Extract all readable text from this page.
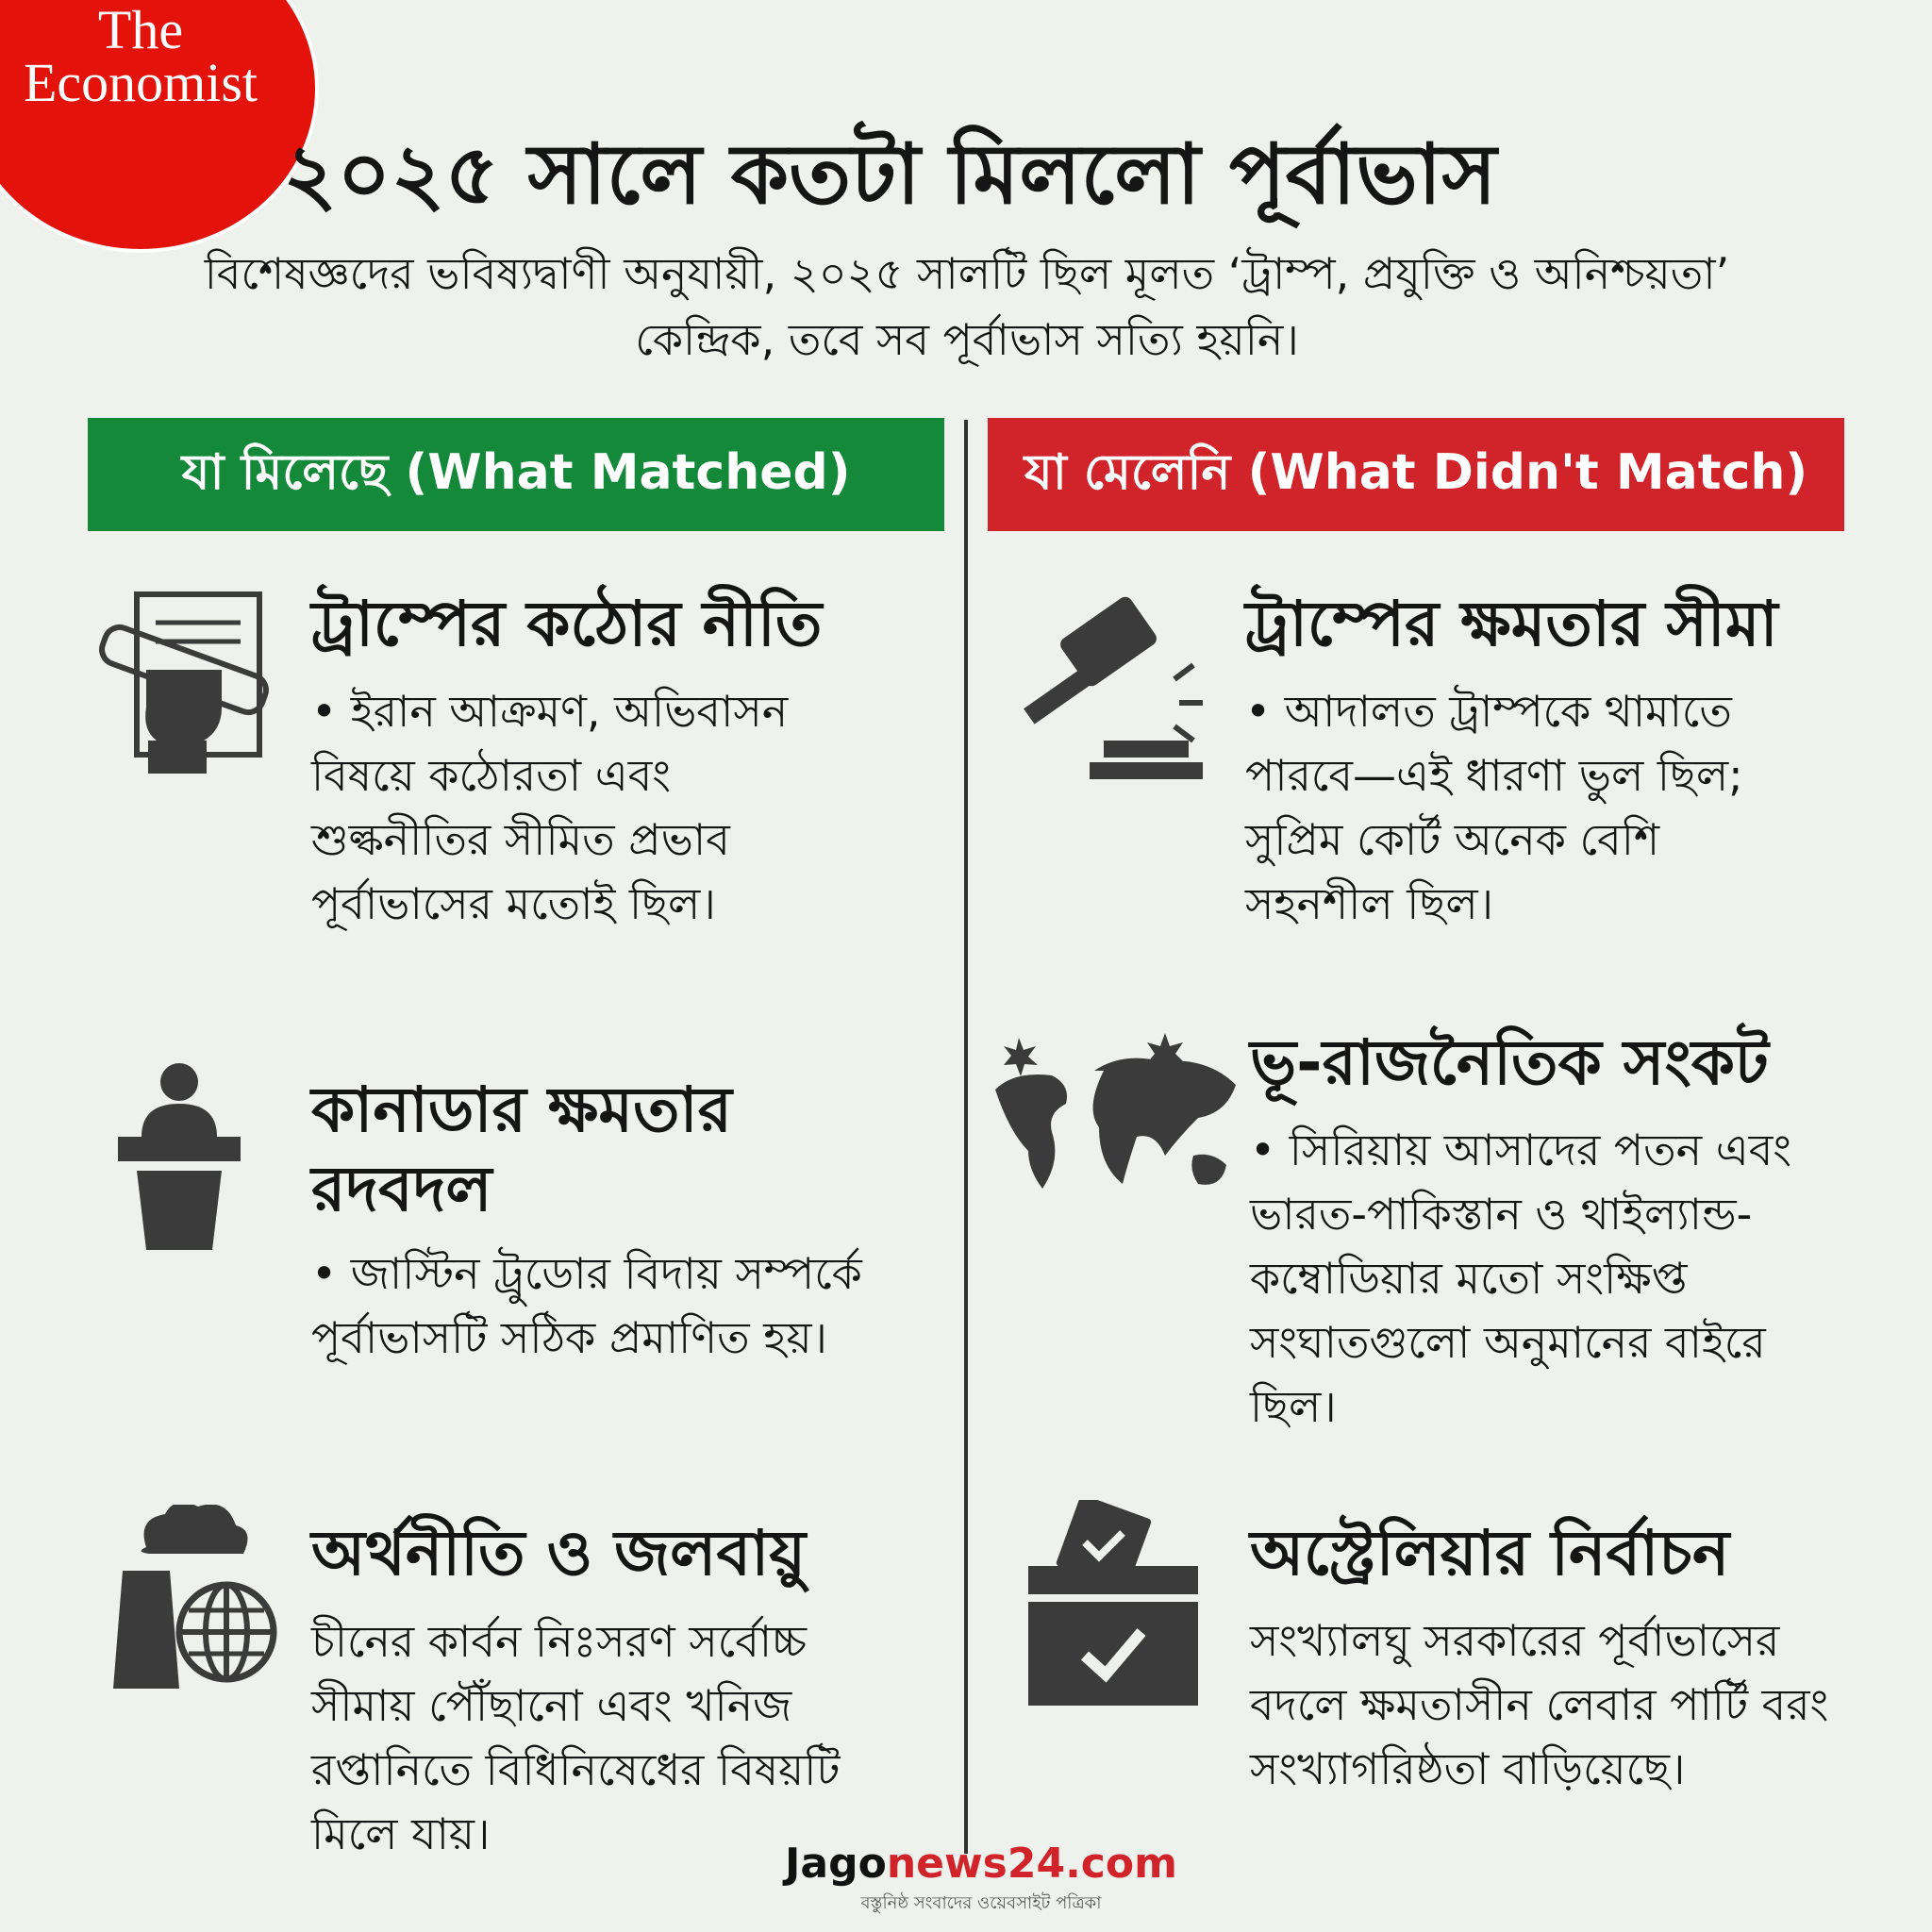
The
Economist
২০২৫ সালে কতটা মিললো পূর্বাভাস

বিশেষজ্ঞদের ভবিষ্যদ্বাণী অনুযায়ী, ২০২৫ সালটি ছিল মূলত ‘ট্রাম্প, প্রযুক্তি ও অনিশ্চয়তা’ কেন্দ্রিক, তবে সব পূর্বাভাস সত্যি হয়নি।

যা মিলেছে (What Matched)	যা মেলেনি (What Didn't Match)
ট্রাম্পের কঠোর নীতি

• ইরান আক্রমণ, অভিবাসন বিষয়ে কঠোরতা এবং শুল্কনীতির সীমিত প্রভাব পূর্বাভাসের মতোই ছিল।

কানাডার ক্ষমতার রদবদল

• জাস্টিন ট্রুডোর বিদায় সম্পর্কে পূর্বাভাসটি সঠিক প্রমাণিত হয়।

অর্থনীতি ও জলবায়ু

চীনের কার্বন নিঃসরণ সর্বোচ্চ সীমায় পৌঁছানো এবং খনিজ রপ্তানিতে বিধিনিষেধের বিষয়টি মিলে যায়।

ট্রাম্পের ক্ষমতার সীমা

• আদালত ট্রাম্পকে থামাতে পারবে—এই ধারণা ভুল ছিল; সুপ্রিম কোর্ট অনেক বেশি সহনশীল ছিল।

ভূ-রাজনৈতিক সংকট

• সিরিয়ায় আসাদের পতন এবং ভারত-পাকিস্তান ও থাইল্যান্ড-কম্বোডিয়ার মতো সংক্ষিপ্ত সংঘাতগুলো অনুমানের বাইরে ছিল।

অস্ট্রেলিয়ার নির্বাচন

সংখ্যালঘু সরকারের পূর্বাভাসের বদলে ক্ষমতাসীন লেবার পার্টি বরং সংখ্যাগরিষ্ঠতা বাড়িয়েছে।

Jagonews24.com
বস্তুনিষ্ঠ সংবাদের ওয়েবসাইট পত্রিকা
